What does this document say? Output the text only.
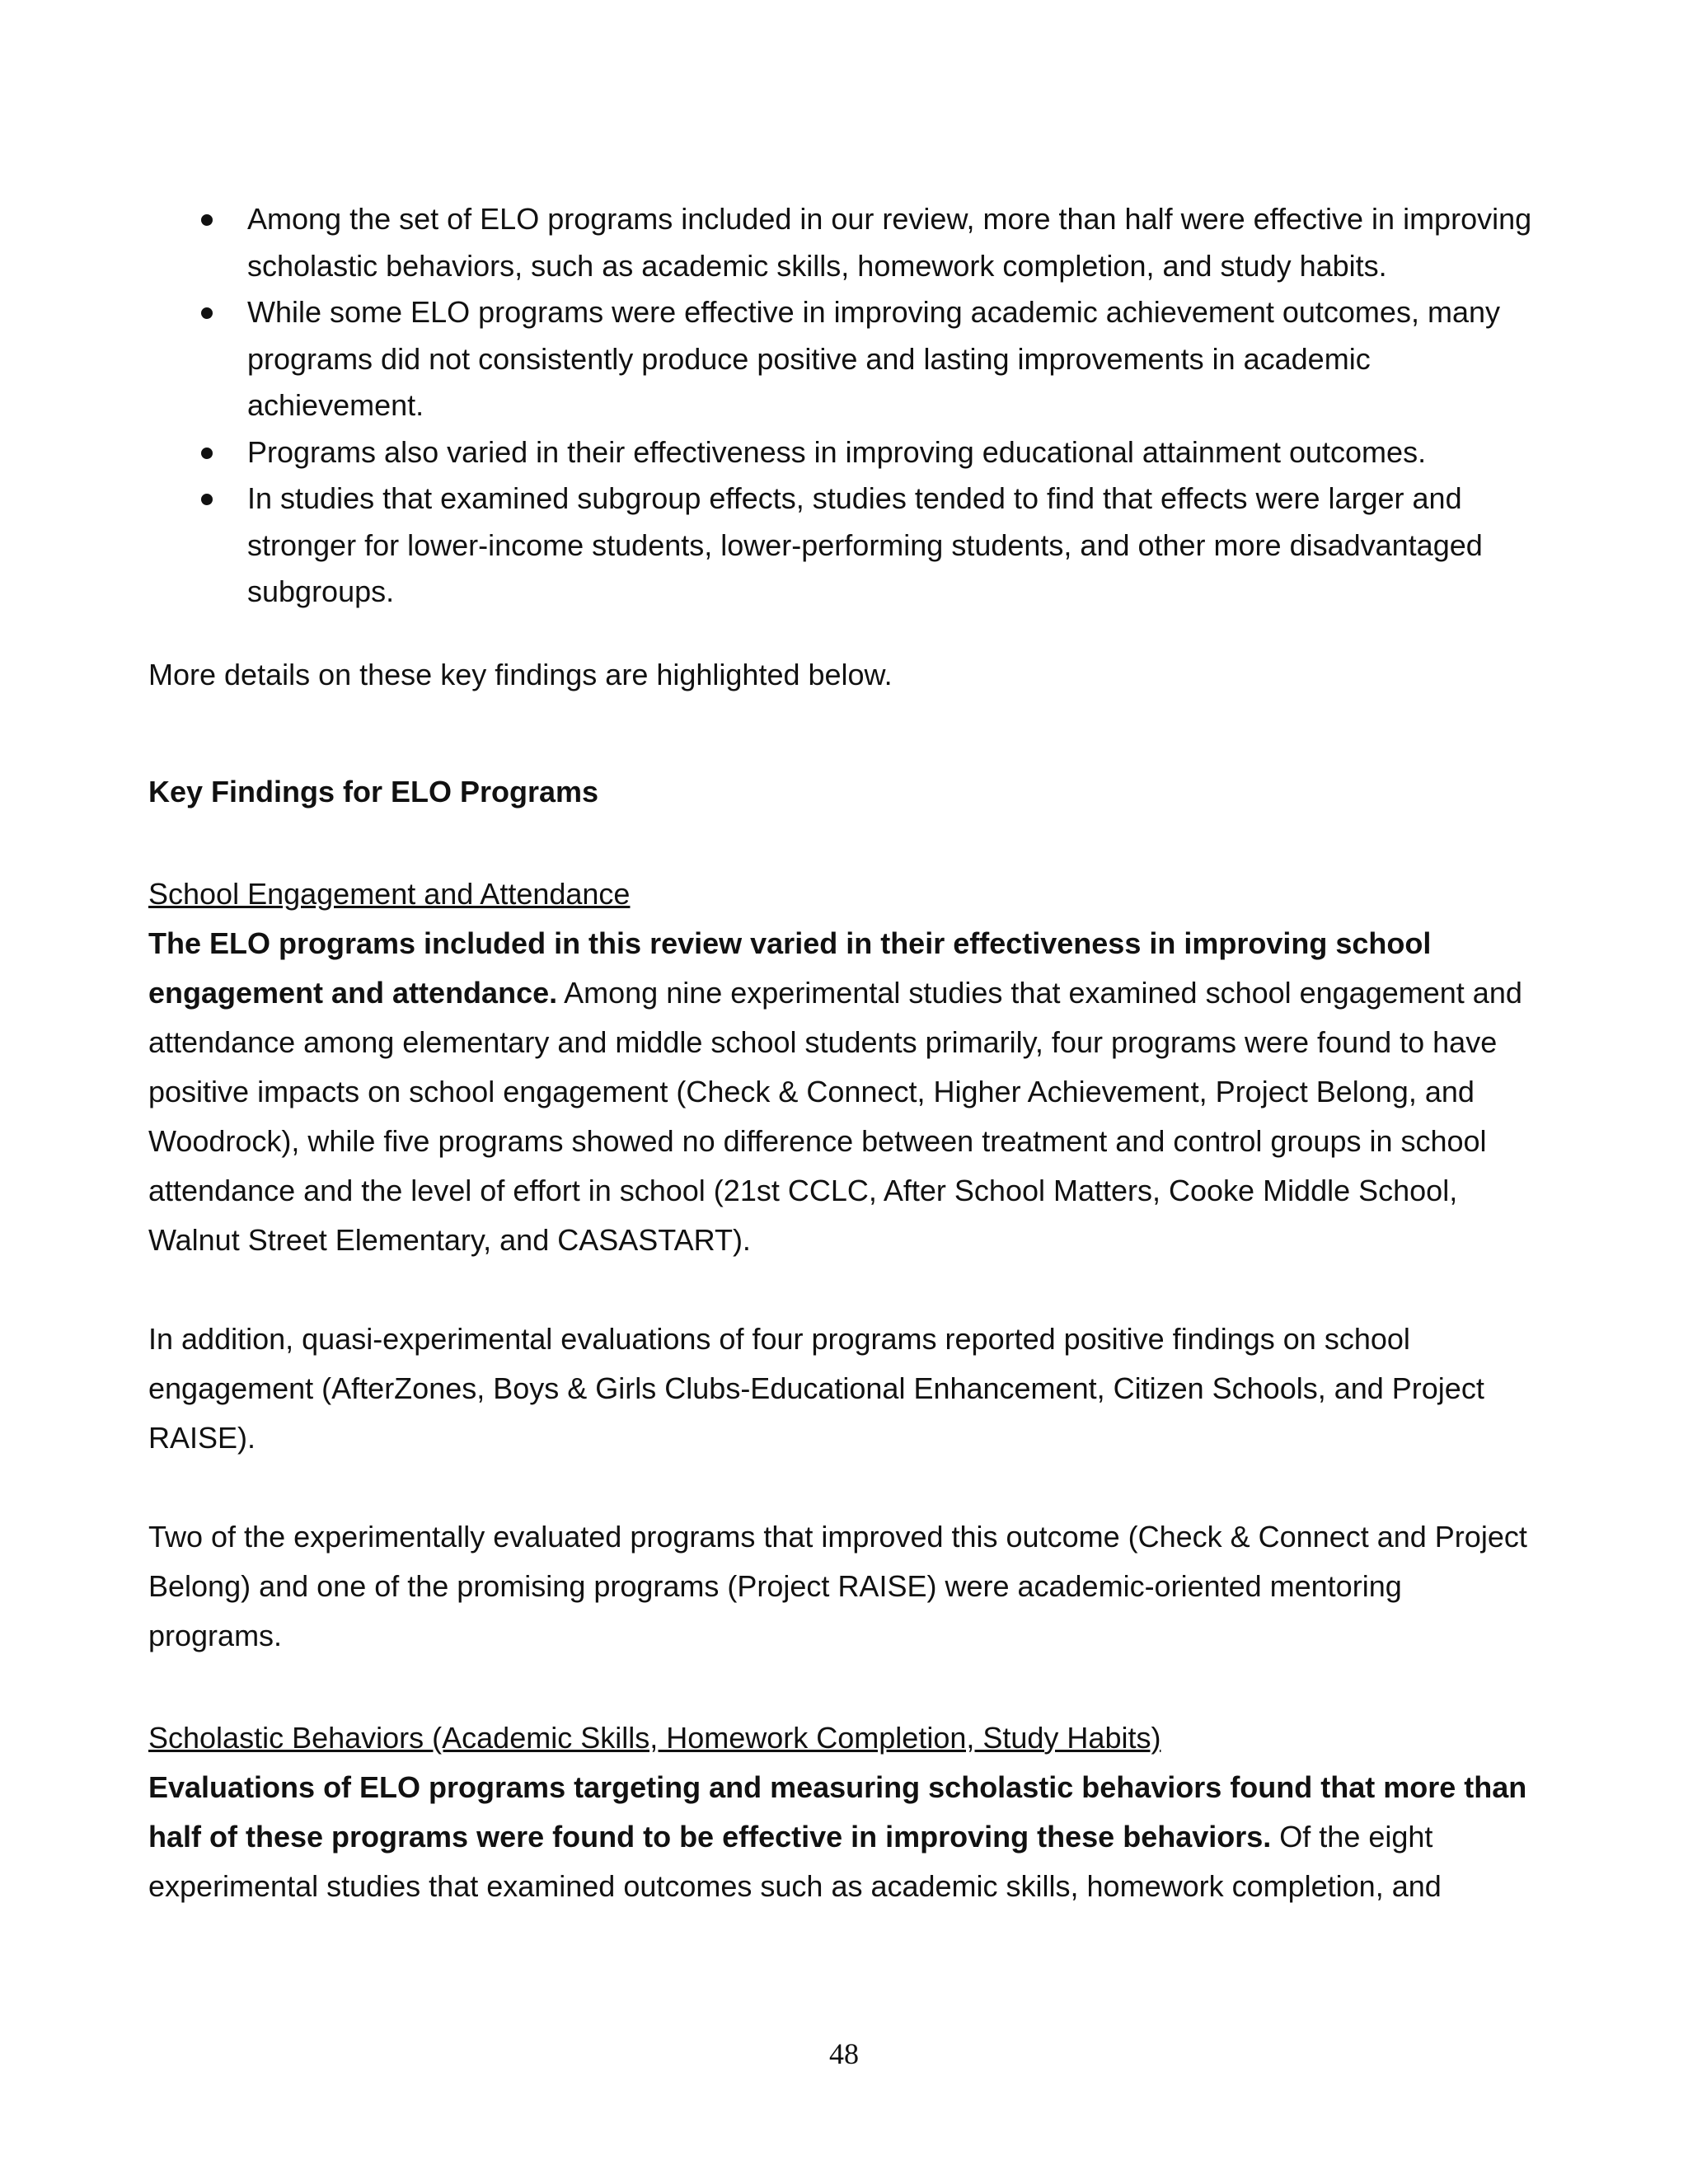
Among the set of ELO programs included in our review, more than half were effective in improving scholastic behaviors, such as academic skills, homework completion, and study habits.
While some ELO programs were effective in improving academic achievement outcomes, many programs did not consistently produce positive and lasting improvements in academic achievement.
Programs also varied in their effectiveness in improving educational attainment outcomes.
In studies that examined subgroup effects, studies tended to find that effects were larger and stronger for lower-income students, lower-performing students, and other more disadvantaged subgroups.

More details on these key findings are highlighted below.

Key Findings for ELO Programs

School Engagement and Attendance

The ELO programs included in this review varied in their effectiveness in improving school engagement and attendance. Among nine experimental studies that examined school engagement and attendance among elementary and middle school students primarily, four programs were found to have positive impacts on school engagement (Check & Connect, Higher Achievement, Project Belong, and Woodrock), while five programs showed no difference between treatment and control groups in school attendance and the level of effort in school (21st CCLC, After School Matters, Cooke Middle School, Walnut Street Elementary, and CASASTART).

In addition, quasi-experimental evaluations of four programs reported positive findings on school engagement (AfterZones, Boys & Girls Clubs-Educational Enhancement, Citizen Schools, and Project RAISE).

Two of the experimentally evaluated programs that improved this outcome (Check & Connect and Project Belong) and one of the promising programs (Project RAISE) were academic-oriented mentoring programs.

Scholastic Behaviors (Academic Skills, Homework Completion, Study Habits)

Evaluations of ELO programs targeting and measuring scholastic behaviors found that more than half of these programs were found to be effective in improving these behaviors. Of the eight experimental studies that examined outcomes such as academic skills, homework completion, and

48
